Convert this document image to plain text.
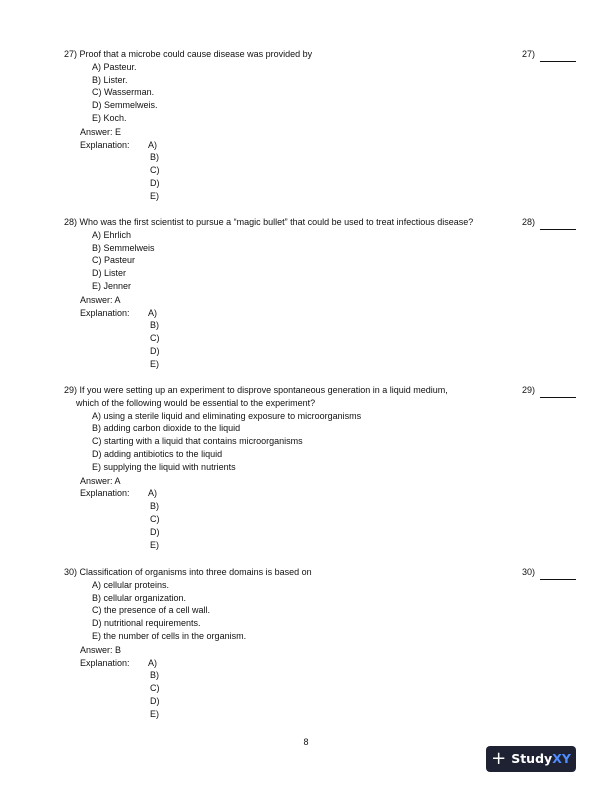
27) Proof that a microbe could cause disease was provided by
A) Pasteur.
B) Lister.
C) Wasserman.
D) Semmelweis.
E) Koch.
Answer: E
Explanation:	A)
B)
C)
D)
E)
27)
28) Who was the first scientist to pursue a “magic bullet” that could be used to treat infectious disease?
A) Ehrlich
B) Semmelweis
C) Pasteur
D) Lister
E) Jenner
Answer: A
Explanation:	A)
B)
C)
D)
E)
28)
29) If you were setting up an experiment to disprove spontaneous generation in a liquid medium,
which of the following would be essential to the experiment?
A) using a sterile liquid and eliminating exposure to microorganisms
B) adding carbon dioxide to the liquid
C) starting with a liquid that contains microorganisms
D) adding antibiotics to the liquid
E) supplying the liquid with nutrients
Answer: A
Explanation:	A)
B)
C)
D)
E)
29)
30) Classification of organisms into three domains is based on
A) cellular proteins.
B) cellular organization.
C) the presence of a cell wall.
D) nutritional requirements.
E) the number of cells in the organism.
Answer: B
Explanation:	A)
B)
C)
D)
E)
30)
8
+ Study XY
